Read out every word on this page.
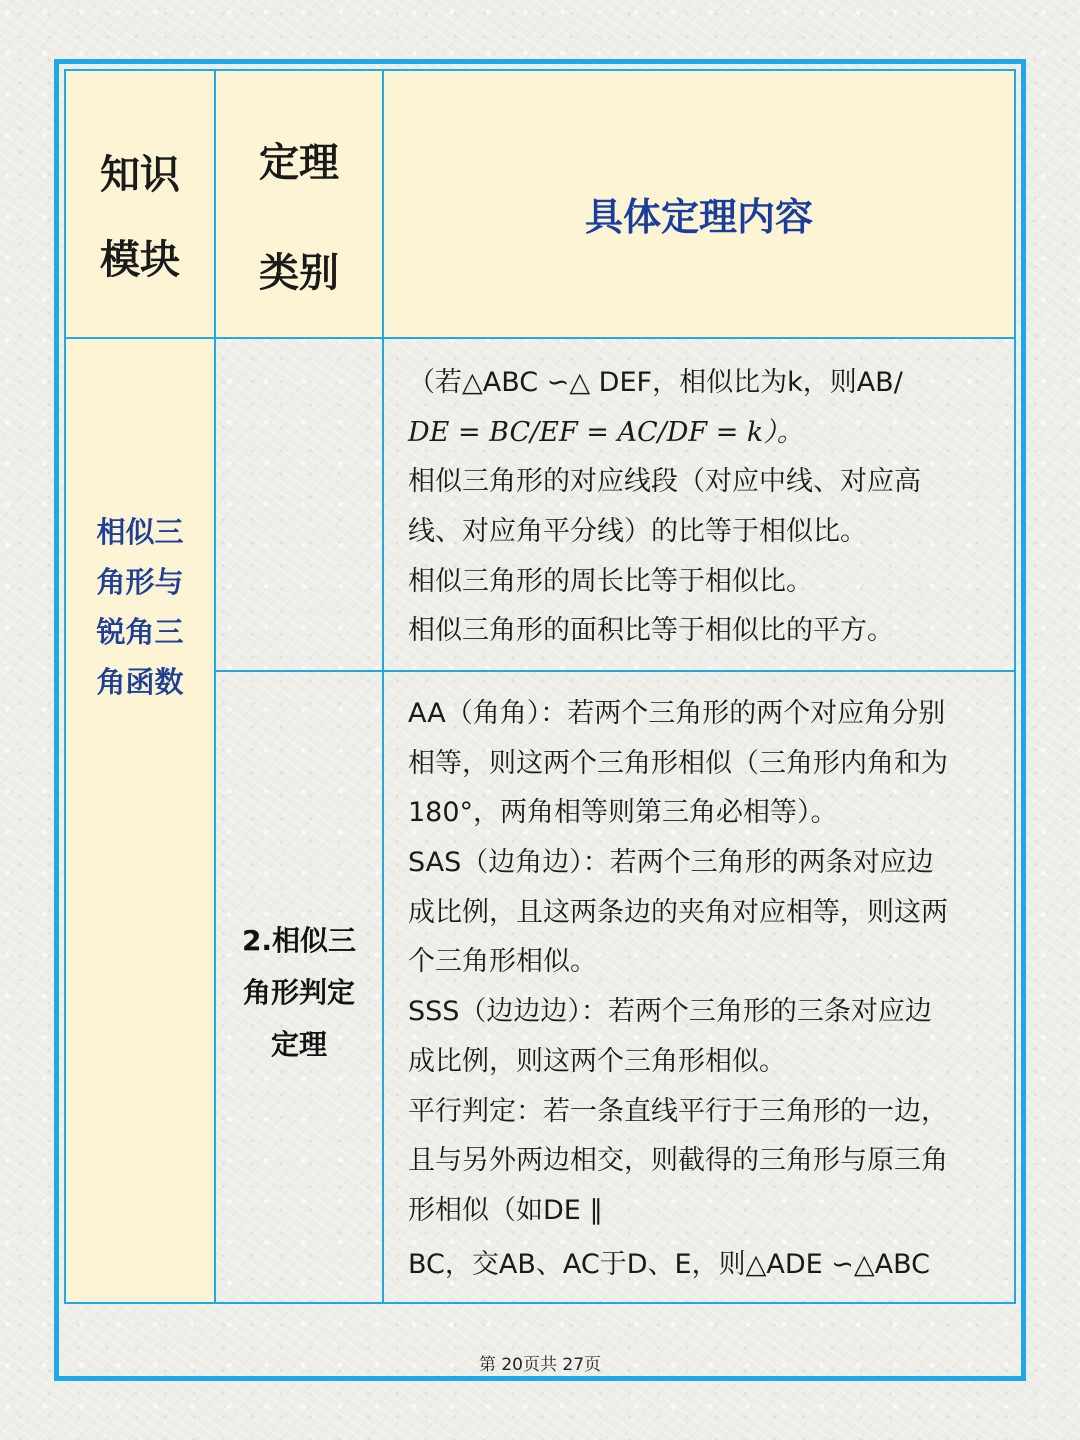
知识
模块
定理
类别
具体定理内容
相似三
角形与
锐角三
角函数
（若△ABC ∽△ DEF，相似比为k，则AB/
DE = BC/EF = AC/DF = k）。
相似三角形的对应线段（对应中线、对应高
线、对应角平分线）的比等于相似比。
相似三角形的周长比等于相似比。
相似三角形的面积比等于相似比的平方。
2.相似三
角形判定
定理
AA（角角）：若两个三角形的两个对应角分别
相等，则这两个三角形相似（三角形内角和为
180°，两角相等则第三角必相等）。
SAS（边角边）：若两个三角形的两条对应边
成比例，且这两条边的夹角对应相等，则这两
个三角形相似。
SSS（边边边）：若两个三角形的三条对应边
成比例，则这两个三角形相似。
平行判定：若一条直线平行于三角形的一边，
且与另外两边相交，则截得的三角形与原三角
形相似（如DE ∥
BC，交AB、AC于D、E，则△ADE ∽△ABC
第 20页共 27页
